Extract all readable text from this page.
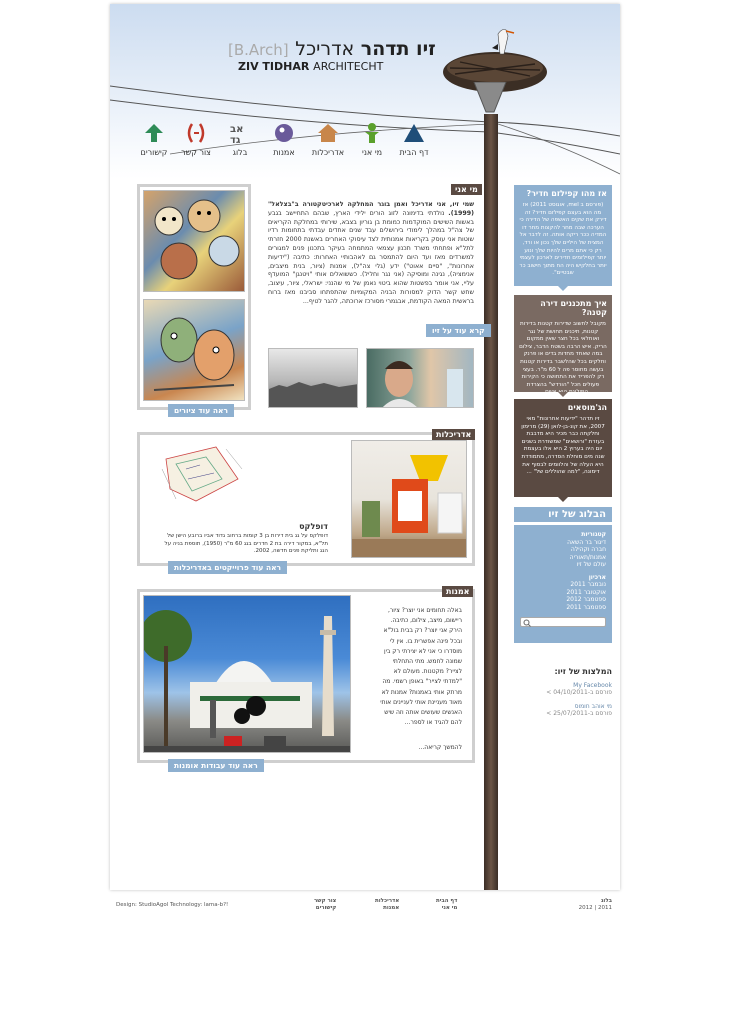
זיו תדהר אדריכל [B.Arch]
ZIV TIDHAR ARCHITECHT
דף הבית
מי אני
אדריכלות
אמנות
אב
גד
בלוג
צור קשר
קישורים
ראה עוד ציורים
מי אני
שמי זיו, אני אדריכל ואמן בוגר המחלקה לארכיטקטורה ב"בצלאל" (1999). נולדתי בדימונה לזוג הורים ילידי הארץ, שבהם התחיישב בגבע באשות השישים המוקדמות כמומת בן גוריון בצבא, שירותי במחלקת הקריאים של צה"ל במהלך לימודי בירושלים עבד שנים אחדים עבדתי בתחומות רדיו שוטות אני עוסק בקריאות אמנותית לצד עיסוקי האחרים באשנת 2000 חזרתי לתל"א ופתחתי משרד תכנון עצמאי המתמחה בעיקר בתכנון פנים למגורים למשרדים מאז ועד היום להתמסר גם לאהבותיי האחרות: כתיבה ("ידיעות אחרונות", "סיים אאוט") ידע (גלי צה"ל), אמנות (ציור, בנית מיצבים, אנימציה), נגינה ומוסיקה (אני נגר וחליל). כששואלים אותי "ויטנגן" המועדף עליי, אני אומר בפשטות שהוא ביטוי נאמן של מי שהנני: ישראלי, ציור, עיצוב, שחש קשר הדוק למסורות הבניה המקומיות שהתפתחו סביבנו מאז ברוח בראשית המאה הקודמת, אבגמרי מסורכז ארוכתה, להגר לטיף...
קרא עוד על זיו
אדריכלות
דופלקס
דופלקס על גג בית דירות בן 3 קומות ברחוב גדוד אביו ברובע הישן של תל"א, במקור דירה בת 2 חדרים בגג 60 מ"ר (1950), תוספת בניה על הגג ותליקת פנים חדשה, 2002.
ראה עוד פרוייקטים באדריכלות
אמנות
באלה תחומים אני יוצר? ציור, ריישום, מיצב, צילום, כתיבה. הירק אני יוצר? רק בבית בול"א ובכל פינה אפשרית בו. אין לי מוסדרו כי אני לא יצירתי רק בין שמונה לחמש. מתי התחלתי לצייר? מקטנות. מעולם לא "למדתי לצייר" באופן רשמי. מה מרתק אותי באמנות? אמנות לא מאוד מעניינת אותי לעניינים אותי האנשים שעושים אותה וזה שיש להם להגיד או לספר...
להמשך קריאה...
ראה עוד עבודות אומנות
אז מהו קפילזם חדיר?
(פורסם ב mel, אוגוסט 2011) אז מה הוא בעצם קפילזם חדיר? זה דירק את שקים האשפה של הדירה כי הערכה שבה מחר להקצות מחר דו המדיה ככר ריקה אותה. זה לדבר אל המצית של היליים שלך נכון או ורד, רק כי אתם מרים להיות שלך ונוע יותר קפילזמים חדירים לארכון לעצמי יותר בחלקיש היה הח מתוך חישוב כר שבטיים".
איך מתכננים דירה קטנה?
מקובל לחשוב שדירות קטנות בדירות קטנות, תיכנים תחושת של נגר ואוחלאי בכל חצר שאין ממקום הריק. איש הרבה בשטח הדבר, צילום במה שאחד מחדות בדים או פרנק וחלקים בכל שהלשבר בדירות קטנות בעשה מחוסר פה ל 60 מ"ר. בעצי רק להפריד את התחושה כי הקירות פעולים חכל "הורדש" בהצרדת הפילוגת הוא אשם ...
הג'מוסאים
זיו תדהר "ידיעות אחרונות" מאי 2007, את קונ-בן-לואן (29) מרימון וחלקתה כבר מכיר היא מדבבת בעזרת "ורושאים" שמשודרת בשנים יום היה בערוץ 2 היא אלו בעצמת שנה מים מוחלת הסדרה, מתמודדת היא העלה של והלוומים לבסוף את דימונה, "למה שהוללים של" ...
הבלוג של זיו
קטגוריות
דיגור בר השאה
חברה וקהילה
אמנות/תאוריה
עולם של זיו
ארכיון
נובמבר 2011
אוקטובר 2011
ספטמבר 2012
ספטמבר 2011
המלצות של זיו:
My Facebook
פורסם ב-04/10/2011 >
מי אוהב חומוס
פורסם ב-25/07/2011 >
Design: StudioAgol Technology: lama-b?!
צור קשר
קישורים
אדריכלות
אמנות
דף הבית
מי אני
בלוג
2012 | 2011
